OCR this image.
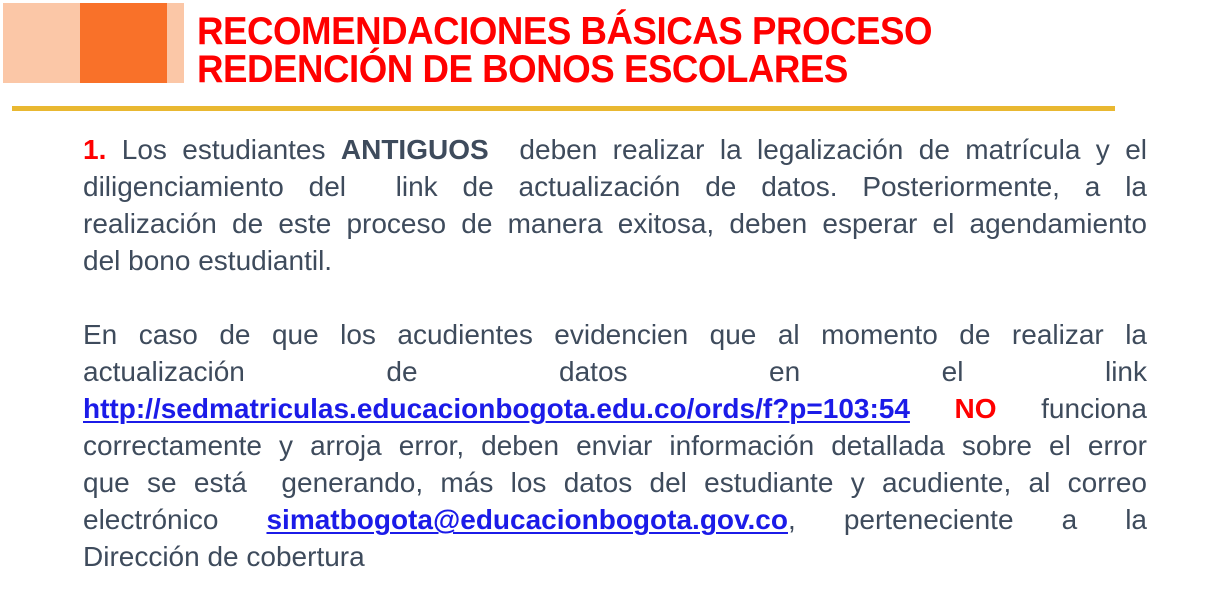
RECOMENDACIONES BÁSICAS PROCESO
REDENCIÓN DE BONOS ESCOLARES
1. Los estudiantes ANTIGUOS  deben realizar la legalización de matrícula y el
diligenciamiento del  link de actualización de datos. Posteriormente, a la
realización de este proceso de manera exitosa, deben esperar el agendamiento
del bono estudiantil.
En caso de que los acudientes evidencien que al momento de realizar la
actualización de datos en el link
http://sedmatriculas.educacionbogota.edu.co/ords/f?p=103:54 NO funciona
correctamente y arroja error, deben enviar información detallada sobre el error
que se está  generando, más los datos del estudiante y acudiente, al correo
electrónico simatbogota@educacionbogota.gov.co, perteneciente a la
Dirección de cobertura
